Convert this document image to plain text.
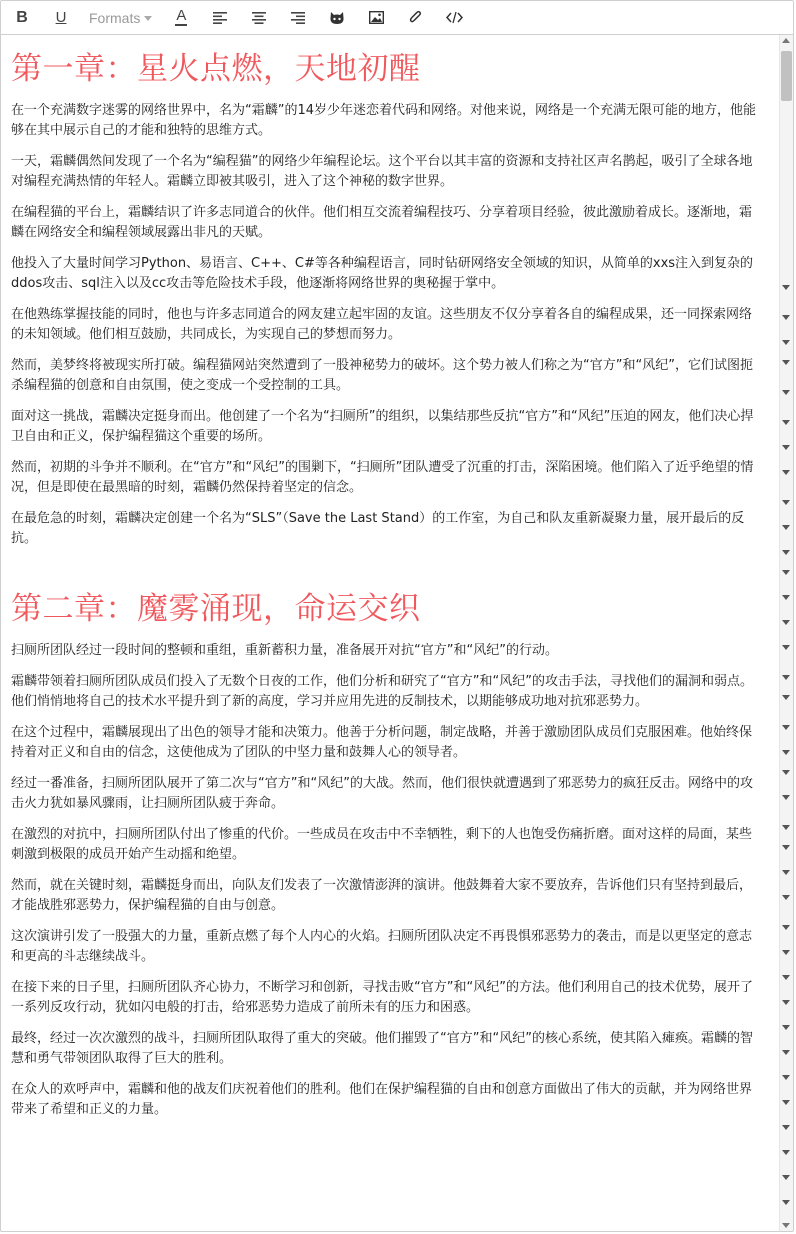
B U Formats A
第一章：星火点燃，天地初醒

在一个充满数字迷雾的网络世界中，名为“霜麟”的14岁少年迷恋着代码和网络。对他来说，网络是一个充满无限可能的地方，他能够在其中展示自己的才能和独特的思维方式。

一天，霜麟偶然间发现了一个名为“编程猫”的网络少年编程论坛。这个平台以其丰富的资源和支持社区声名鹊起，吸引了全球各地对编程充满热情的年轻人。霜麟立即被其吸引，进入了这个神秘的数字世界。

在编程猫的平台上，霜麟结识了许多志同道合的伙伴。他们相互交流着编程技巧、分享着项目经验，彼此激励着成长。逐渐地，霜麟在网络安全和编程领域展露出非凡的天赋。

他投入了大量时间学习Python、易语言、C++、C#等各种编程语言，同时钻研网络安全领域的知识，从简单的xxs注入到复杂的ddos攻击、sql注入以及cc攻击等危险技术手段，他逐渐将网络世界的奥秘握于掌中。

在他熟练掌握技能的同时，他也与许多志同道合的网友建立起牢固的友谊。这些朋友不仅分享着各自的编程成果，还一同探索网络的未知领域。他们相互鼓励，共同成长，为实现自己的梦想而努力。

然而，美梦终将被现实所打破。编程猫网站突然遭到了一股神秘势力的破坏。这个势力被人们称之为“官方”和“风纪”，它们试图扼杀编程猫的创意和自由氛围，使之变成一个受控制的工具。

面对这一挑战，霜麟决定挺身而出。他创建了一个名为“扫厕所”的组织，以集结那些反抗“官方”和“风纪”压迫的网友，他们决心捍卫自由和正义，保护编程猫这个重要的场所。

然而，初期的斗争并不顺利。在“官方”和“风纪”的围剿下，“扫厕所”团队遭受了沉重的打击，深陷困境。他们陷入了近乎绝望的情况，但是即使在最黑暗的时刻，霜麟仍然保持着坚定的信念。

在最危急的时刻，霜麟决定创建一个名为“SLS”（Save the Last Stand）的工作室，为自己和队友重新凝聚力量，展开最后的反抗。

第二章：魔雾涌现，命运交织

扫厕所团队经过一段时间的整顿和重组，重新蓄积力量，准备展开对抗“官方”和“风纪”的行动。

霜麟带领着扫厕所团队成员们投入了无数个日夜的工作，他们分析和研究了“官方”和“风纪”的攻击手法，寻找他们的漏洞和弱点。他们悄悄地将自己的技术水平提升到了新的高度，学习并应用先进的反制技术，以期能够成功地对抗邪恶势力。

在这个过程中，霜麟展现出了出色的领导才能和决策力。他善于分析问题，制定战略，并善于激励团队成员们克服困难。他始终保持着对正义和自由的信念，这使他成为了团队的中坚力量和鼓舞人心的领导者。

经过一番准备，扫厕所团队展开了第二次与“官方”和“风纪”的大战。然而，他们很快就遭遇到了邪恶势力的疯狂反击。网络中的攻击火力犹如暴风骤雨，让扫厕所团队疲于奔命。

在激烈的对抗中，扫厕所团队付出了惨重的代价。一些成员在攻击中不幸牺牲，剩下的人也饱受伤痛折磨。面对这样的局面，某些刺激到极限的成员开始产生动摇和绝望。

然而，就在关键时刻，霜麟挺身而出，向队友们发表了一次激情澎湃的演讲。他鼓舞着大家不要放弃，告诉他们只有坚持到最后，才能战胜邪恶势力，保护编程猫的自由与创意。

这次演讲引发了一股强大的力量，重新点燃了每个人内心的火焰。扫厕所团队决定不再畏惧邪恶势力的袭击，而是以更坚定的意志和更高的斗志继续战斗。

在接下来的日子里，扫厕所团队齐心协力，不断学习和创新，寻找击败“官方”和“风纪”的方法。他们利用自己的技术优势，展开了一系列反攻行动，犹如闪电般的打击，给邪恶势力造成了前所未有的压力和困惑。

最终，经过一次次激烈的战斗，扫厕所团队取得了重大的突破。他们摧毁了“官方”和“风纪”的核心系统，使其陷入瘫痪。霜麟的智慧和勇气带领团队取得了巨大的胜利。

在众人的欢呼声中，霜麟和他的战友们庆祝着他们的胜利。他们在保护编程猫的自由和创意方面做出了伟大的贡献，并为网络世界带来了希望和正义的力量。
